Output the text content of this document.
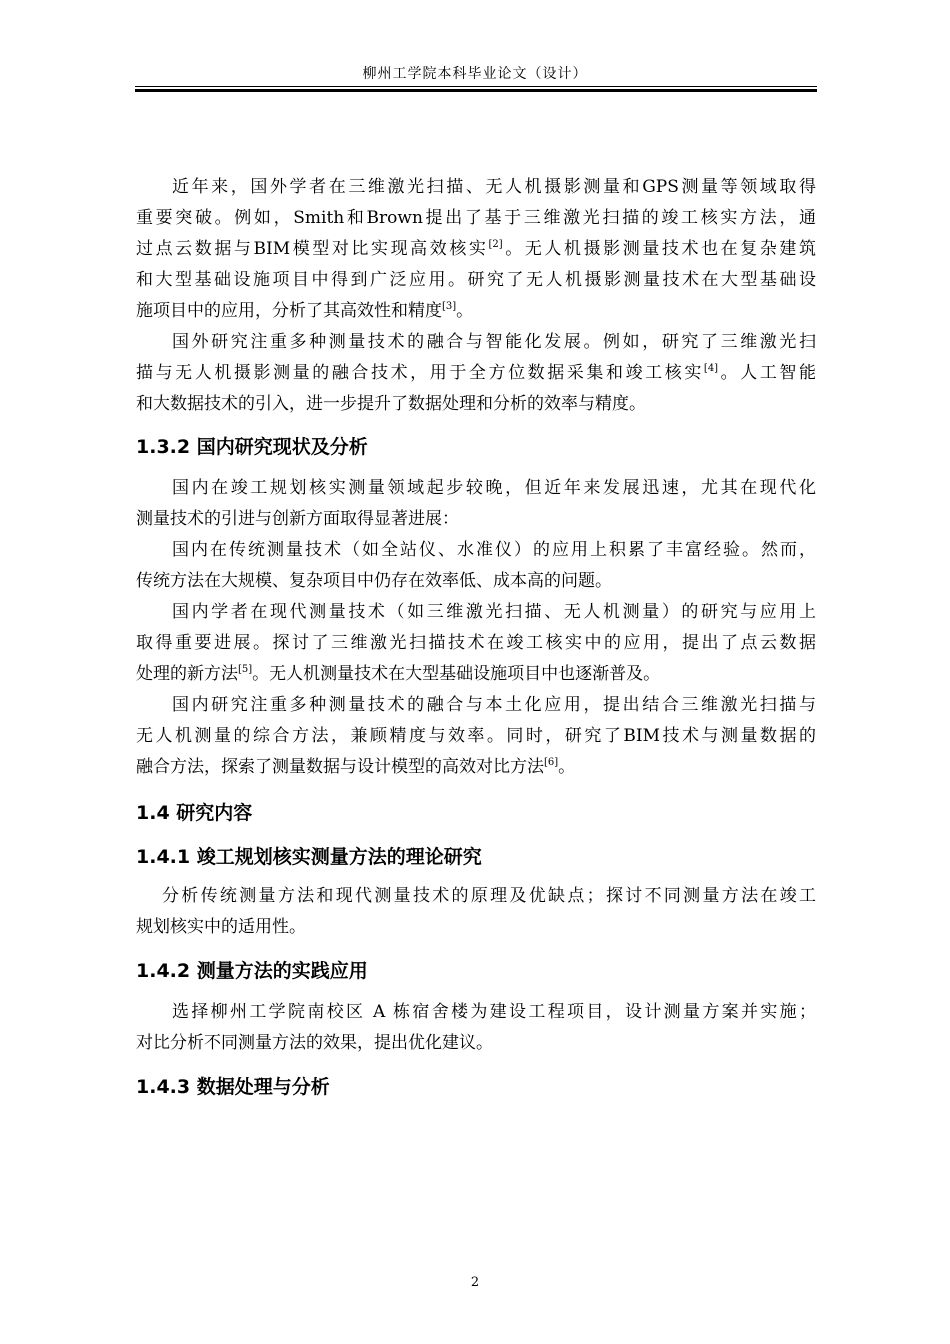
柳州工学院本科毕业论文（设计）

近年来，国外学者在三维激光扫描、无人机摄影测量和GPS测量等领域取得
重要突破。例如，Smith和Brown提出了基于三维激光扫描的竣工核实方法，通
过点云数据与BIM模型对比实现高效核实[2]。无人机摄影测量技术也在复杂建筑
和大型基础设施项目中得到广泛应用。研究了无人机摄影测量技术在大型基础设
施项目中的应用，分析了其高效性和精度[3]。

国外研究注重多种测量技术的融合与智能化发展。例如，研究了三维激光扫
描与无人机摄影测量的融合技术，用于全方位数据采集和竣工核实[4]。人工智能
和大数据技术的引入，进一步提升了数据处理和分析的效率与精度。

1.3.2 国内研究现状及分析

国内在竣工规划核实测量领域起步较晚，但近年来发展迅速，尤其在现代化
测量技术的引进与创新方面取得显著进展：

国内在传统测量技术（如全站仪、水准仪）的应用上积累了丰富经验。然而，
传统方法在大规模、复杂项目中仍存在效率低、成本高的问题。

国内学者在现代测量技术（如三维激光扫描、无人机测量）的研究与应用上
取得重要进展。探讨了三维激光扫描技术在竣工核实中的应用，提出了点云数据
处理的新方法[5]。无人机测量技术在大型基础设施项目中也逐渐普及。

国内研究注重多种测量技术的融合与本土化应用，提出结合三维激光扫描与
无人机测量的综合方法，兼顾精度与效率。同时，研究了BIM技术与测量数据的
融合方法，探索了测量数据与设计模型的高效对比方法[6]。

1.4 研究内容
1.4.1 竣工规划核实测量方法的理论研究

分析传统测量方法和现代测量技术的原理及优缺点；探讨不同测量方法在竣工
规划核实中的适用性。

1.4.2 测量方法的实践应用

选择柳州工学院南校区 A 栋宿舍楼为建设工程项目，设计测量方案并实施；
对比分析不同测量方法的效果，提出优化建议。

1.4.3 数据处理与分析
2
